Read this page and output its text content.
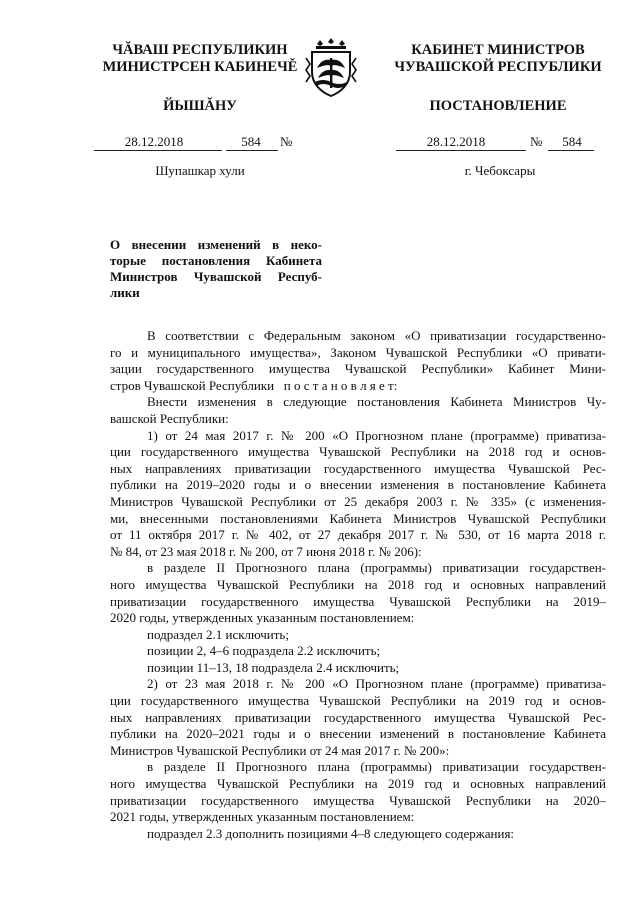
ЧĂВАШ РЕСПУБЛИКИН
МИНИСТРСЕН КАБИНЕЧĚ
ЙЫШĂНУ
КАБИНЕТ МИНИСТРОВ
ЧУВАШСКОЙ РЕСПУБЛИКИ
ПОСТАНОВЛЕНИЕ
28.12.2018	584	№	28.12.2018	№	584
Шупашкар хули	г. Чебоксары
О внесении изменений в неко-
торые постановления Кабинета
Министров Чувашской Респуб-
лики
В соответствии с Федеральным законом «О приватизации государственно-
го и муниципального имущества», Законом Чувашской Республики «О привати-
зации государственного имущества Чувашской Республики» Кабинет Мини-
стров Чувашской Республики   п о с т а н о в л я е т:
Внести изменения в следующие постановления Кабинета Министров Чу-
вашской Республики:
1) от 24 мая 2017 г. № 200 «О Прогнозном плане (программе) приватиза-
ции государственного имущества Чувашской Республики на 2018 год и основ-
ных направлениях приватизации государственного имущества Чувашской Рес-
публики на 2019–2020 годы и о внесении изменения в постановление Кабинета
Министров Чувашской Республики от 25 декабря 2003 г. № 335» (с изменения-
ми, внесенными постановлениями Кабинета Министров Чувашской Республики
от 11 октября 2017 г. № 402, от 27 декабря 2017 г. № 530, от 16 марта 2018 г.
№ 84, от 23 мая 2018 г. № 200, от 7 июня 2018 г. № 206):
в разделе II Прогнозного плана (программы) приватизации государствен-
ного имущества Чувашской Республики на 2018 год и основных направлений
приватизации государственного имущества Чувашской Республики на 2019–
2020 годы, утвержденных указанным постановлением:
подраздел 2.1 исключить;
позиции 2, 4–6 подраздела 2.2 исключить;
позиции 11–13, 18 подраздела 2.4 исключить;
2) от 23 мая 2018 г. № 200 «О Прогнозном плане (программе) приватиза-
ции государственного имущества Чувашской Республики на 2019 год и основ-
ных направлениях приватизации государственного имущества Чувашской Рес-
публики на 2020–2021 годы и о внесении изменений в постановление Кабинета
Министров Чувашской Республики от 24 мая 2017 г. № 200»:
в разделе II Прогнозного плана (программы) приватизации государствен-
ного имущества Чувашской Республики на 2019 год и основных направлений
приватизации государственного имущества Чувашской Республики на 2020–
2021 годы, утвержденных указанным постановлением:
подраздел 2.3 дополнить позициями 4–8 следующего содержания:
